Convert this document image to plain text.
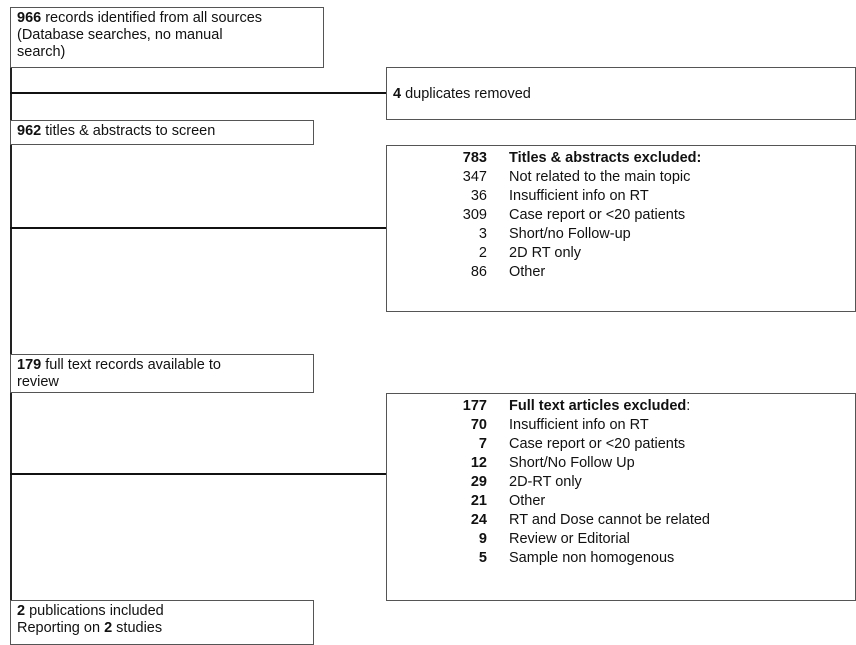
966 records identified from all sources
(Database searches, no manual
search)
4 duplicates removed
962 titles & abstracts to screen
783 Titles & abstracts excluded:
347 Not related to the main topic
36 Insufficient info on RT
309 Case report or <20 patients
3 Short/no Follow-up
2 2D RT only
86 Other
179 full text records available to
review
177 Full text articles excluded:
70 Insufficient info on RT
7 Case report or <20 patients
12 Short/No Follow Up
29 2D-RT only
21 Other
24 RT and Dose cannot be related
9 Review or Editorial
5 Sample non homogenous
2 publications included
Reporting on 2 studies
